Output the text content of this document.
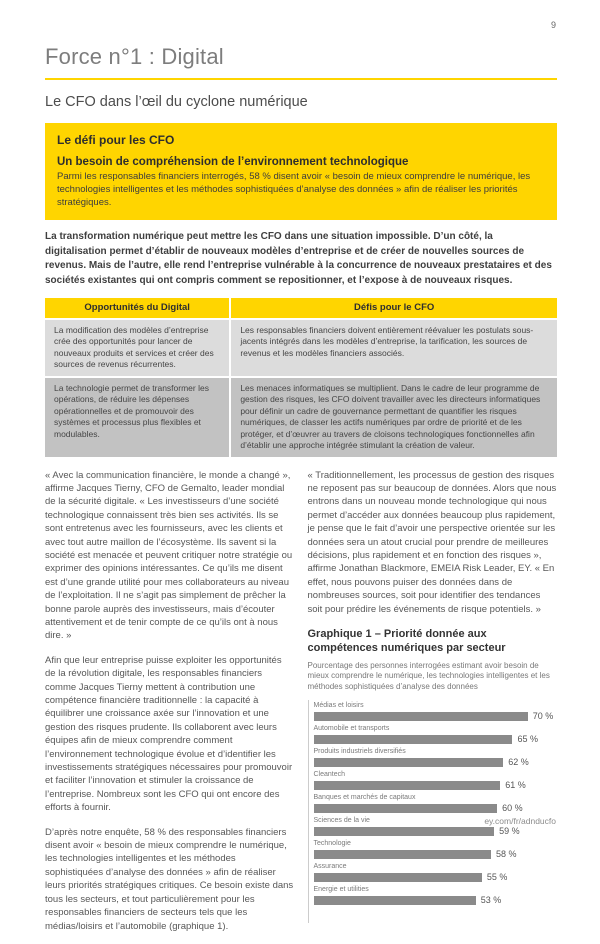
9
Force n°1 : Digital
Le CFO dans l’œil du cyclone numérique
Le défi pour les CFO
Un besoin de compréhension de l’environnement technologique
Parmi les responsables financiers interrogés, 58 % disent avoir « besoin de mieux comprendre le numérique, les technologies intelligentes et les méthodes sophistiquées d’analyse des données » afin de réaliser les priorités stratégiques.

La transformation numérique peut mettre les CFO dans une situation impossible. D’un côté, la digitalisation permet d’établir de nouveaux modèles d’entreprise et de créer de nouvelles sources de revenus. Mais de l’autre, elle rend l’entreprise vulnérable à la concurrence de nouveaux prestataires et des sociétés existantes qui ont compris comment se repositionner, et l’expose à de nouveaux risques.

Opportunités du Digital	Défis pour le CFO
La modification des modèles d’entreprise crée des opportunités pour lancer de nouveaux produits et services et créer des sources de revenus récurrentes.
Les responsables financiers doivent entièrement réévaluer les postulats sous-jacents intégrés dans les modèles d’entreprise, la tarification, les sources de revenus et les modèles financiers associés.
La technologie permet de transformer les opérations, de réduire les dépenses opérationnelles et de promouvoir des systèmes et processus plus flexibles et modulables.
Les menaces informatiques se multiplient. Dans le cadre de leur programme de gestion des risques, les CFO doivent travailler avec les directeurs informatiques pour définir un cadre de gouvernance permettant de quantifier les risques numériques, de classer les actifs numériques par ordre de priorité et de les protéger, et d’œuvrer au travers de cloisons technologiques fonctionnelles afin d’établir une approche intégrée stimulant la création de valeur.

« Avec la communication financière, le monde a changé », affirme Jacques Tierny, CFO de Gemalto, leader mondial de la sécurité digitale. « Les investisseurs d’une société technologique connaissent très bien ses activités. Ils se sont entretenus avec les fournisseurs, avec les clients et avec tout autre maillon de l’écosystème. Ils savent si la société est menacée et peuvent critiquer notre stratégie ou exprimer des opinions intéressantes. Ce qu’ils me disent est d’une grande utilité pour mes collaborateurs au niveau de l’exploitation. Il ne s’agit pas simplement de prêcher la bonne parole auprès des investisseurs, mais d’écouter attentivement et de tenir compte de ce qu’ils ont à nous dire. »

Afin que leur entreprise puisse exploiter les opportunités de la révolution digitale, les responsables financiers comme Jacques Tierny mettent à contribution une compétence financière traditionnelle : la capacité à équilibrer une croissance axée sur l’innovation et une gestion des risques prudente. Ils collaborent avec leurs équipes afin de mieux comprendre comment l’environnement technologique évolue et d’identifier les investissements stratégiques nécessaires pour promouvoir et faciliter l’innovation et stimuler la croissance de l’entreprise. Nombreux sont les CFO qui ont encore des efforts à fournir.

D’après notre enquête, 58 % des responsables financiers disent avoir « besoin de mieux comprendre le numérique, les technologies intelligentes et les méthodes sophistiquées d’analyse des données » afin de réaliser leurs priorités stratégiques critiques. Ce besoin existe dans tous les secteurs, et tout particulièrement pour les responsables financiers de secteurs tels que les médias/loisirs et l’automobile (graphique 1).

« Traditionnellement, les processus de gestion des risques ne reposent pas sur beaucoup de données. Alors que nous entrons dans un nouveau monde technologique qui nous permet d’accéder aux données beaucoup plus rapidement, je pense que le fait d’avoir une perspective orientée sur les données sera un atout crucial pour prendre de meilleures décisions, plus rapidement et en fonction des risques », affirme Jonathan Blackmore, EMEIA Risk Leader, EY. « En effet, nous pouvons puiser des données dans de nombreuses sources, soit pour identifier des tendances soit pour prédire les événements de risque potentiels. »

Graphique 1 – Priorité donnée aux compétences numériques par secteur
Pourcentage des personnes interrogées estimant avoir besoin de mieux comprendre le numérique, les technologies intelligentes et les méthodes sophistiquées d’analyse des données
Médias et loisirs
70 %
Automobile et transports
65 %
Produits industriels diversifiés
62 %
Cleantech
61 %
Banques et marchés de capitaux
60 %
Sciences de la vie
59 %
Technologie
58 %
Assurance
55 %
Energie et utilities
53 %
ey.com/fr/adnducfo
